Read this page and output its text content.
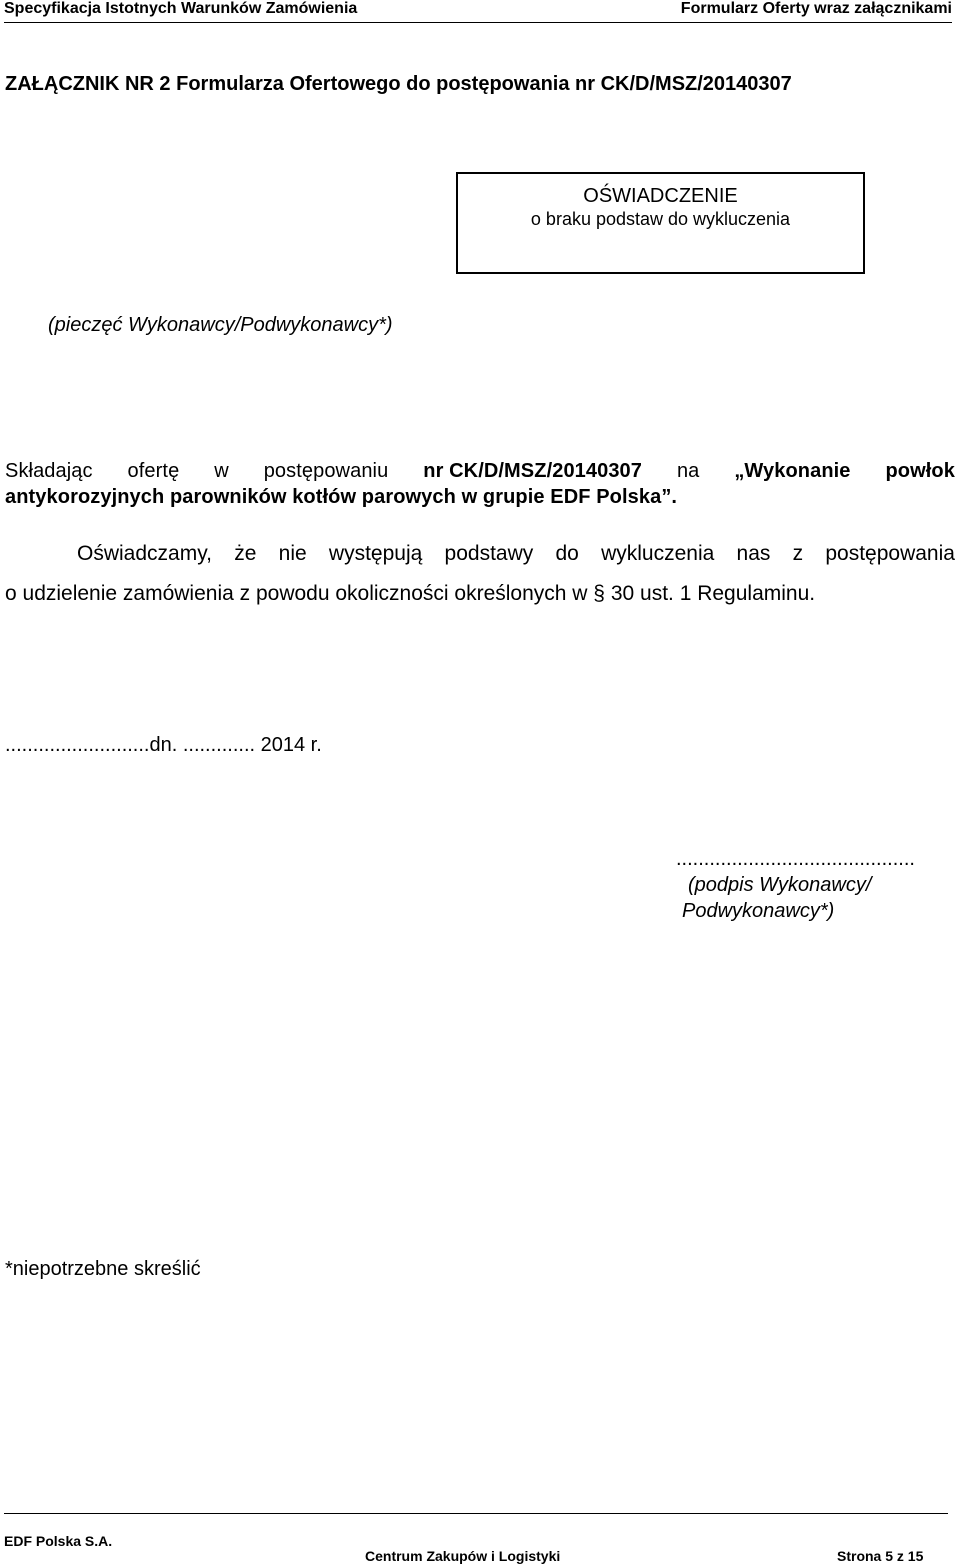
Specyfikacja Istotnych Warunków Zamówienia	Formularz Oferty wraz załącznikami
ZAŁĄCZNIK NR 2 Formularza Ofertowego do postępowania nr CK/D/MSZ/20140307
OŚWIADCZENIE
o braku podstaw do wykluczenia
(pieczęć Wykonawcy/Podwykonawcy*)
Składając ofertę w postępowaniu nr CK/D/MSZ/20140307 na „Wykonanie powłok
antykorozyjnych parowników kotłów parowych w grupie EDF Polska”.
Oświadczamy, że nie występują podstawy do wykluczenia nas z postępowania
o udzielenie zamówienia z powodu okoliczności określonych w § 30 ust. 1 Regulaminu.
..........................dn. ............. 2014 r.
...........................................
(podpis Wykonawcy/
Podwykonawcy*)
*niepotrzebne skreślić
EDF Polska S.A.
Centrum Zakupów i Logistyki	Strona 5 z 15
